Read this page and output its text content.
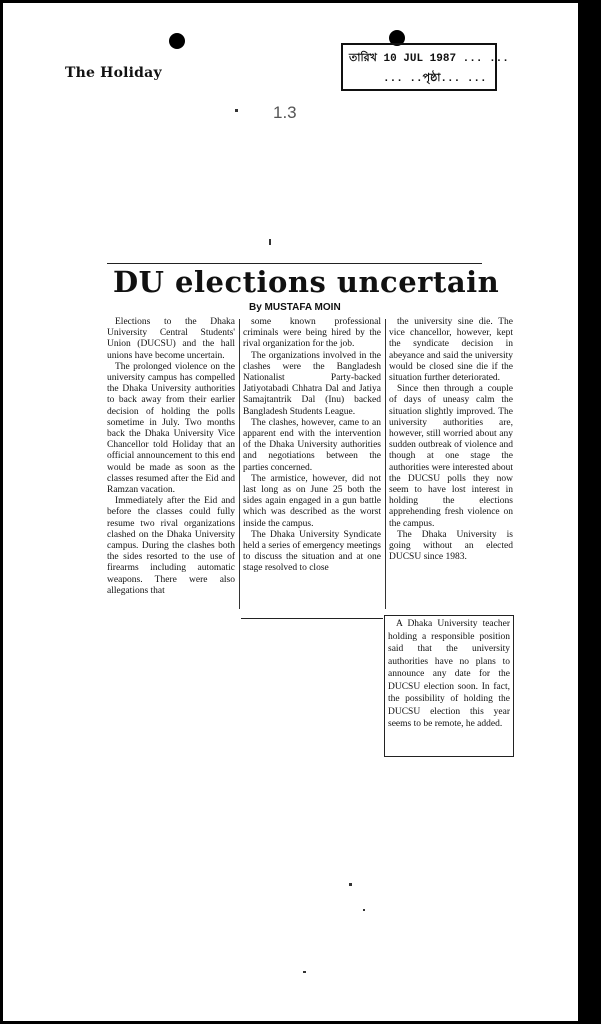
The Holiday
তারিখ 10 JUL 1987 ... ...
... ..পৃষ্ঠা... ...
1.3
DU elections uncertain
By MUSTAFA MOIN

Elections to the Dhaka University Central Students' Union (DUCSU) and the hall unions have become uncertain.

The prolonged violence on the university campus has compelled the Dhaka University authorities to back away from their earlier decision of holding the polls sometime in July. Two months back the Dhaka University Vice Chancellor told Holiday that an official announcement to this end would be made as soon as the classes resumed after the Eid and Ramzan vacation.

Immediately after the Eid and before the classes could fully resume two rival organizations clashed on the Dhaka University campus. During the clashes both the sides resorted to the use of firearms including automatic weapons. There were also allegations that

some known professional criminals were being hired by the rival organization for the job.

The organizations involved in the clashes were the Bangladesh Nationalist Party-backed Jatiyotabadi Chhatra Dal and Jatiya Samajtantrik Dal (Inu) backed Bangladesh Students League.

The clashes, however, came to an apparent end with the intervention of the Dhaka University authorities and negotiations between the parties concerned.

The armistice, however, did not last long as on June 25 both the sides again engaged in a gun battle which was described as the worst inside the campus.

The Dhaka University Syndicate held a series of emergency meetings to discuss the situation and at one stage resolved to close

the university sine die. The vice chancellor, however, kept the syndicate decision in abeyance and said the university would be closed sine die if the situation further deteriorated.

Since then through a couple of days of uneasy calm the situation slightly improved. The university authorities are, however, still worried about any sudden outbreak of violence and though at one stage the authorities were interested about the DUCSU polls they now seem to have lost interest in holding the elections apprehending fresh violence on the campus.

The Dhaka University is going without an elected DUCSU since 1983.

A Dhaka University teacher holding a responsible position said that the university authorities have no plans to announce any date for the DUCSU election soon. In fact, the possibility of holding the DUCSU election this year seems to be remote, he added.
